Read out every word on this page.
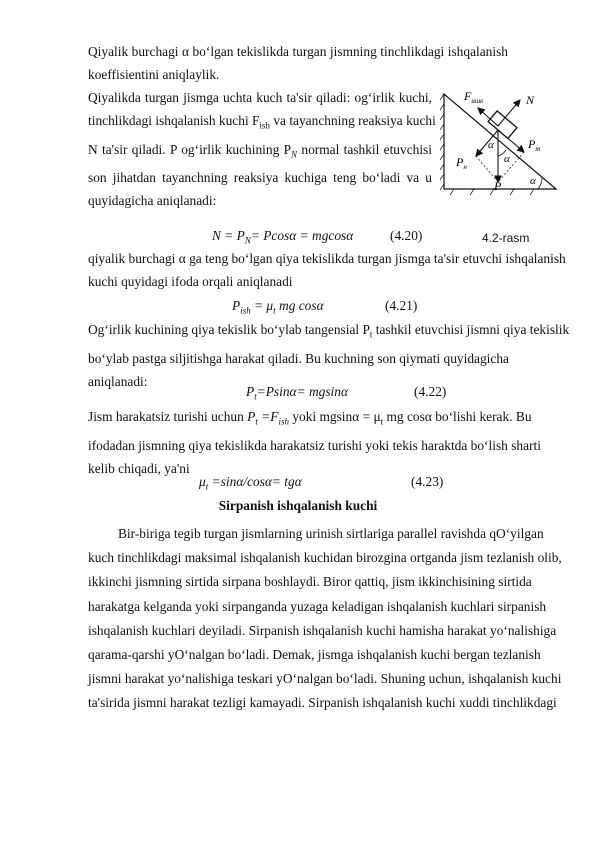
Qiyalik burchagi α bo‘lgan tekislikda turgan jismning tinchlikdagi ishqalanish
koeffisientini aniqlaylik.

Qiyalikda turgan jismga uchta kuch ta'sir qiladi: og‘irlik kuchi,
tinchlikdagi ishqalanish kuchi $F_{ish}$ va tayanchning reaksiya kuchi
N ta'sir qiladi. P og‘irlik kuchining $P_N$ normal tashkil etuvchisi
son jihatdan tayanchning reaksiya kuchiga teng bo‘ladi va u
quyidagicha aniqlanadi:

$F_{ишк}$	N
$P_т$
$P_н$
P
α
α
α
$N = P_N= Pcos\alpha = mgcos\alpha$	(4.20)	4.2-rasm

qiyalik burchagi α ga teng bo‘lgan qiya tekislikda turgan jismga ta'sir etuvchi ishqalanish
kuchi quyidagi ifoda orqali aniqlanadi

$P_{ish} = \mu_t$ mg cosα	(4.21)

Og‘irlik kuchining qiya tekislik bo‘ylab tangensial $P_t$ tashkil etuvchisi jismni qiya tekislik
bo‘ylab pastga siljitishga harakat qiladi. Bu kuchning son qiymati quyidagicha
aniqlanadi:

$P_t=Psin\alpha= mgsin\alpha$	(4.22)

Jism harakatsiz turishi uchun $P_t =F_{ish}$ yoki $mgsin\alpha = \mu_t$ mg cosα bo‘lishi kerak. Bu
ifodadan jismning qiya tekislikda harakatsiz turishi yoki tekis haraktda bo‘lish sharti
kelib chiqadi, ya'ni

$\mu_t =\sin\alpha/\cos\alpha= tg\alpha$	(4.23)
Sirpanish ishqalanish kuchi

Bir-biriga tegib turgan jismlarning urinish sirtlariga parallel ravishda qO‘yilgan
kuch tinchlikdagi maksimal ishqalanish kuchidan birozgina ortganda jism tezlanish olib,
ikkinchi jismning sirtida sirpana boshlaydi. Biror qattiq, jism ikkinchisining sirtida
harakatga kelganda yoki sirpanganda yuzaga keladigan ishqalanish kuchlari sirpanish
ishqalanish kuchlari deyiladi. Sirpanish ishqalanish kuchi hamisha harakat yo‘nalishiga
qarama-qarshi yO‘nalgan bo‘ladi. Demak, jismga ishqalanish kuchi bergan tezlanish
jismni harakat yo‘nalishiga teskari yO‘nalgan bo‘ladi. Shuning uchun, ishqalanish kuchi
ta'sirida jismni harakat tezligi kamayadi. Sirpanish ishqalanish kuchi xuddi tinchlikdagi
